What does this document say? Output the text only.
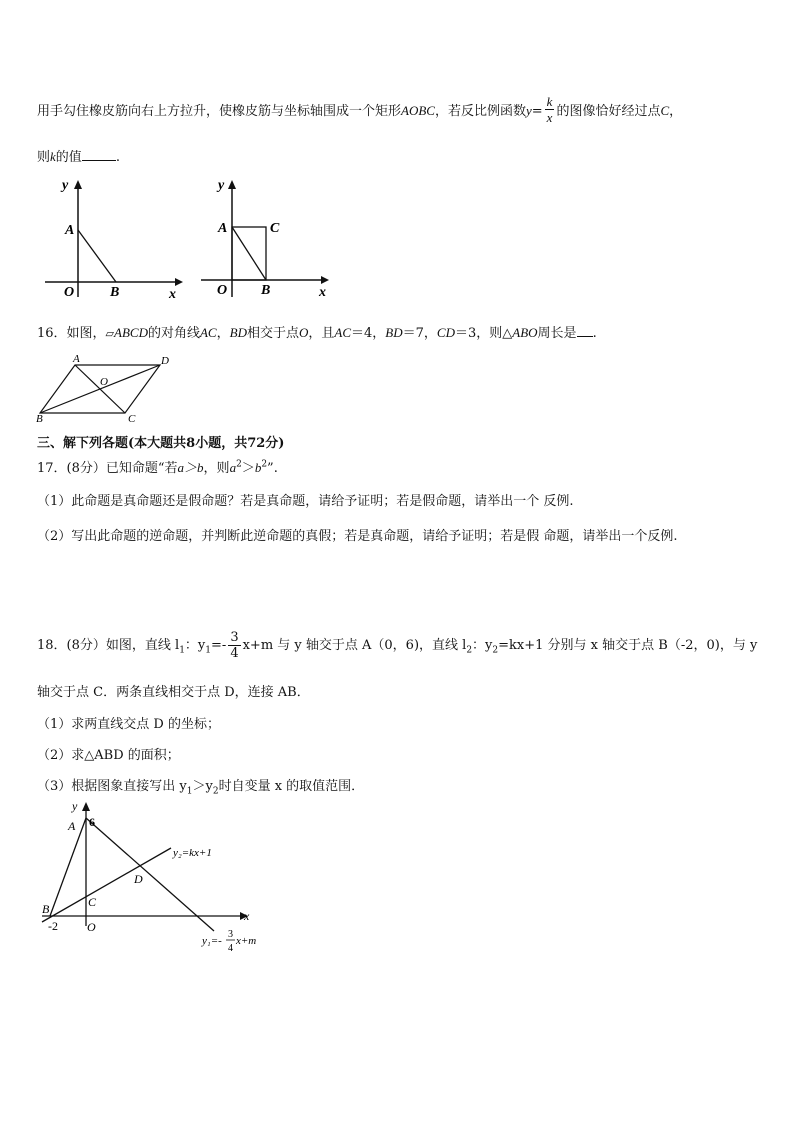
用手勾住橡皮筋向右上方拉升，使橡皮筋与坐标轴围成一个矩形AOBC，若反比例函数$y= \frac{k}{x}$ 的图像恰好经过点C，
则k的值	.
y
A
O	B	x
y
A	C
O B	x
16．如图，▱ABCD的对角线AC，BD相交于点O，且AC＝4，BD＝7，CD＝3，则△ABO周长是 .
A	D
O
B	C
三、解下列各题(本大题共8小题，共72分)
17．(8分）已知命题“若a＞b，则$a^2>b^2$”.
（1）此命题是真命题还是假命题？若是真命题，请给予证明；若是假命题，请举出一个 反例.
（2）写出此命题的逆命题，并判断此逆命题的真假；若是真命题，请给予证明；若是假 命题，请举出一个反例.
18．(8分）如图，直线 $l_1$：$y_1=- \frac{3}{4} x+m$ 与 y 轴交于点 A（0，6)，直线 $l_2$：$y_2=kx+1$ 分别与 x 轴交于点 B（-2，0)，与 y
轴交于点 C．两条直线相交于点 D，连接 AB．
（1）求两直线交点 D 的坐标；
（2）求△ABD 的面积；
（3）根据图象直接写出 $y_1>y_2$时自变量 x 的取值范围．
y
A 6
D
C
B
-2 O
x
y₂=kx+1
y₁=-
3
4
x+m
